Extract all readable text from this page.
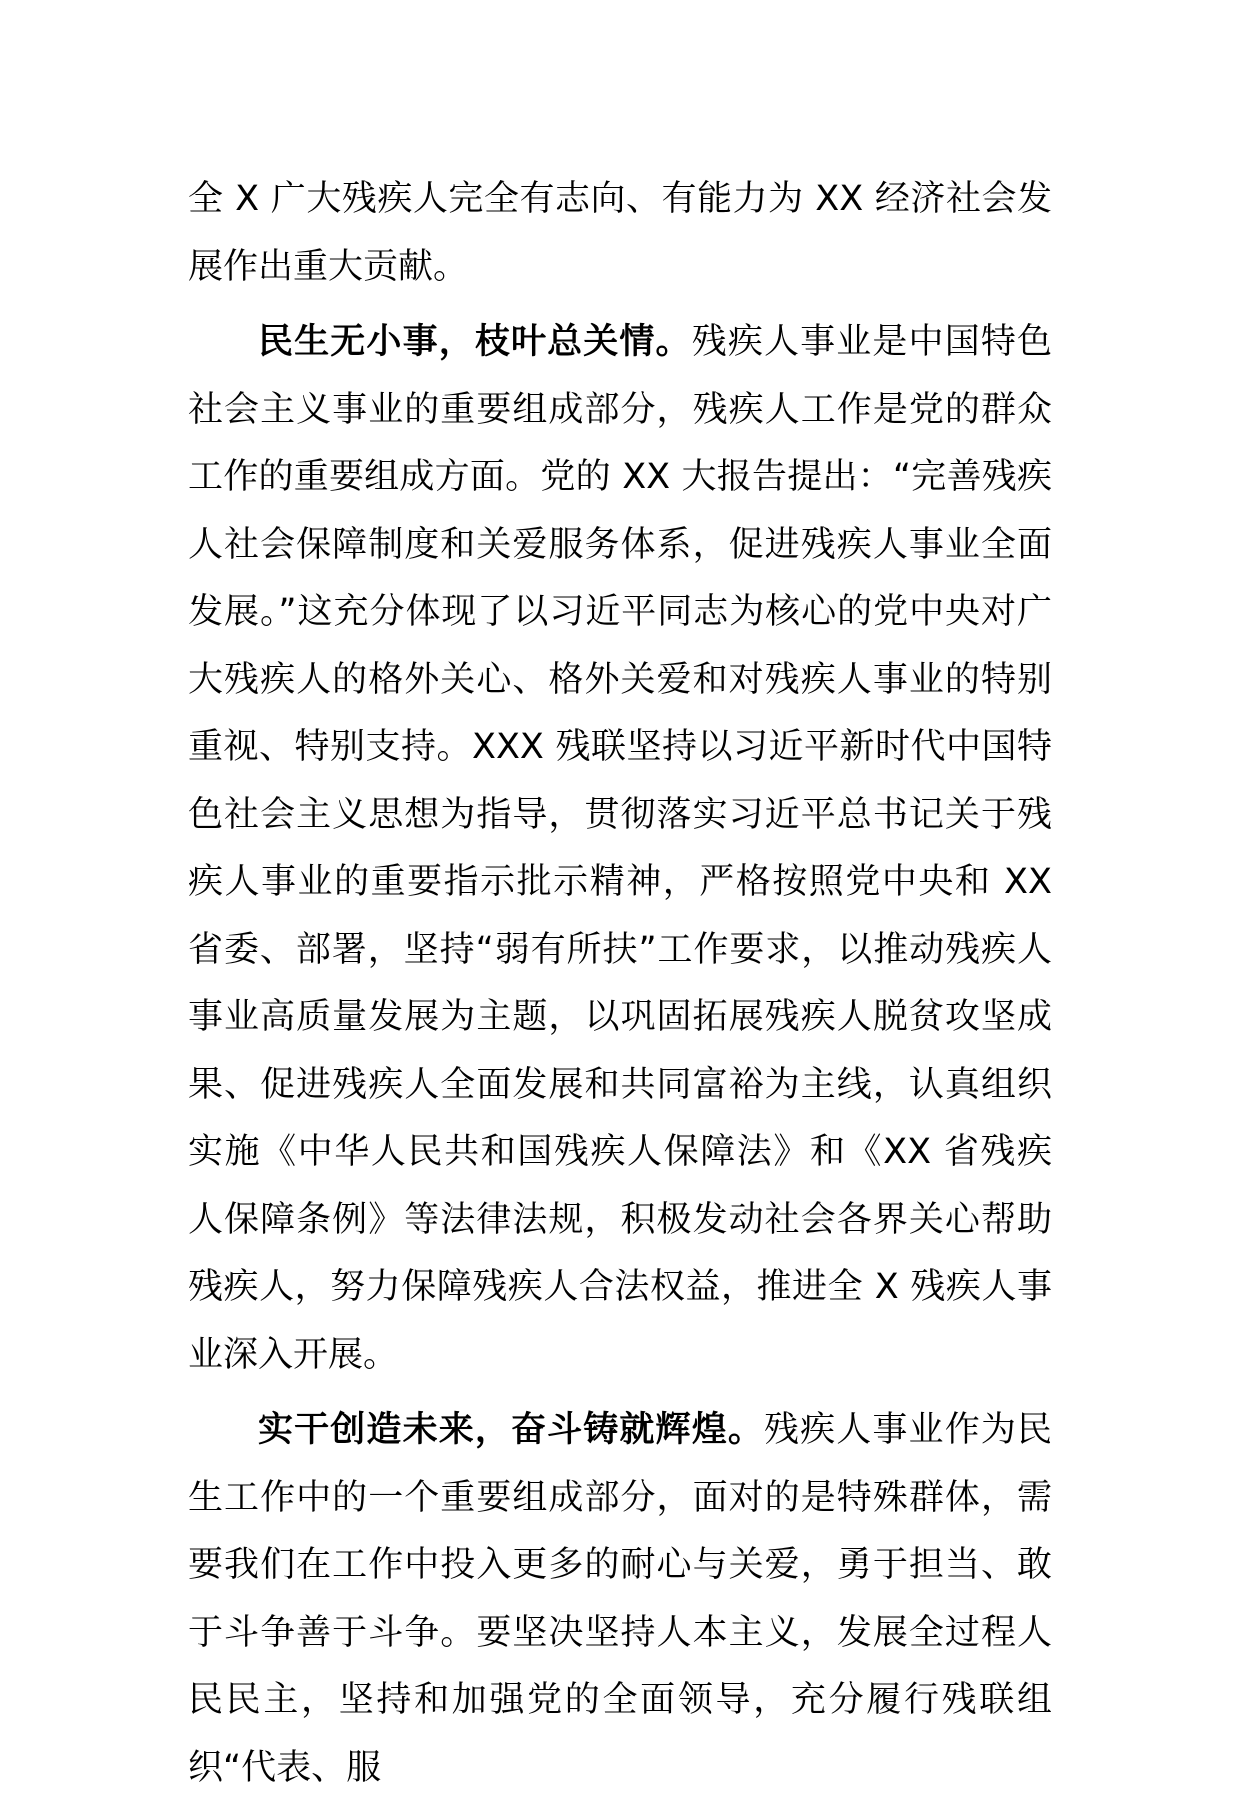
全 X 广大残疾人完全有志向、有能力为 XX 经济社会发展作出重大贡献。

民生无小事，枝叶总关情。残疾人事业是中国特色社会主义事业的重要组成部分，残疾人工作是党的群众工作的重要组成方面。党的 XX 大报告提出：“完善残疾人社会保障制度和关爱服务体系，促进残疾人事业全面发展。”这充分体现了以习近平同志为核心的党中央对广大残疾人的格外关心、格外关爱和对残疾人事业的特别重视、特别支持。XXX 残联坚持以习近平新时代中国特色社会主义思想为指导，贯彻落实习近平总书记关于残疾人事业的重要指示批示精神，严格按照党中央和 XX 省委、部署，坚持“弱有所扶”工作要求，以推动残疾人事业高质量发展为主题，以巩固拓展残疾人脱贫攻坚成果、促进残疾人全面发展和共同富裕为主线，认真组织实施《中华人民共和国残疾人保障法》和《XX 省残疾人保障条例》等法律法规，积极发动社会各界关心帮助残疾人，努力保障残疾人合法权益，推进全 X 残疾人事业深入开展。

实干创造未来，奋斗铸就辉煌。残疾人事业作为民生工作中的一个重要组成部分，面对的是特殊群体，需要我们在工作中投入更多的耐心与关爱，勇于担当、敢于斗争善于斗争。要坚决坚持人本主义，发展全过程人民民主，坚持和加强党的全面领导，充分履行残联组织“代表、服
